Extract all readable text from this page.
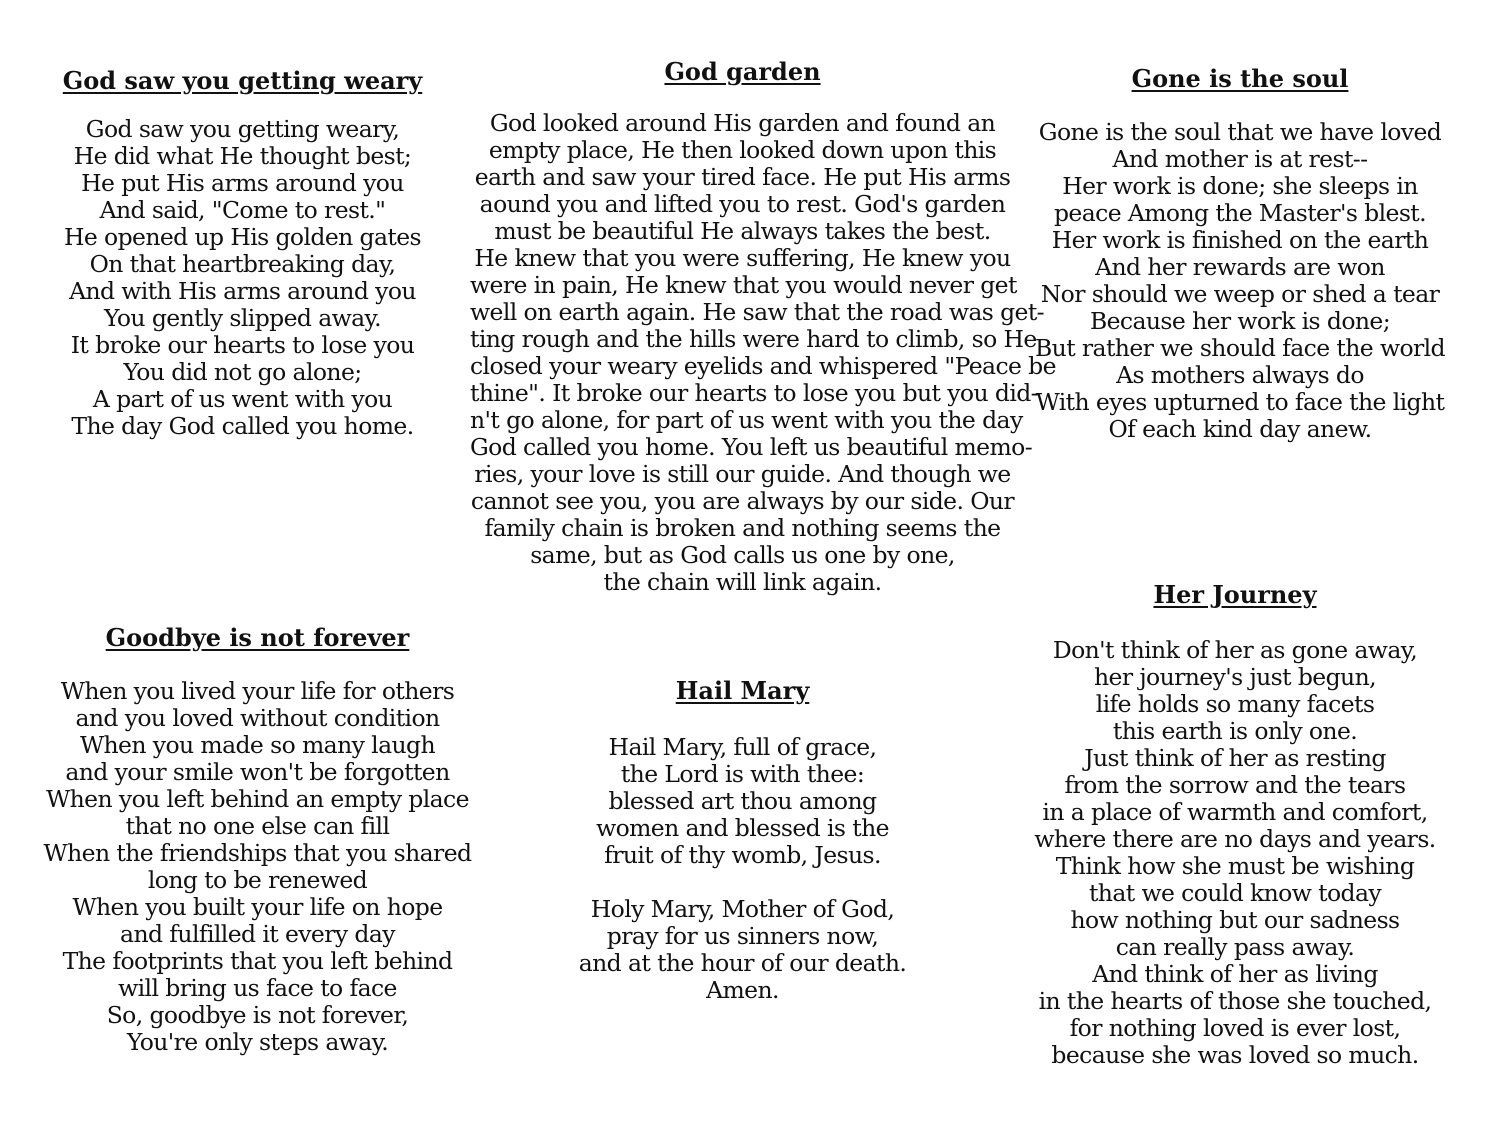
God saw you getting weary
God saw you getting weary,
He did what He thought best;
He put His arms around you
And said, "Come to rest."
He opened up His golden gates
On that heartbreaking day,
And with His arms around you
You gently slipped away.
It broke our hearts to lose you
You did not go alone;
A part of us went with you
The day God called you home.
God garden
God looked around His garden and found an
empty place, He then looked down upon this
earth and saw your tired face. He put His arms
aound you and lifted you to rest. God's garden
must be beautiful He always takes the best.
He knew that you were suffering, He knew you
were in pain, He knew that you would never get
well on earth again. He saw that the road was get-
ting rough and the hills were hard to climb, so He
closed your weary eyelids and whispered "Peace be
thine". It broke our hearts to lose you but you did-
n't go alone, for part of us went with you the day
God called you home. You left us beautiful memo-
ries, your love is still our guide. And though we
cannot see you, you are always by our side. Our
family chain is broken and nothing seems the
same, but as God calls us one by one,
the chain will link again.
Gone is the soul
Gone is the soul that we have loved
And mother is at rest--
Her work is done; she sleeps in
peace Among the Master's blest.
Her work is finished on the earth
And her rewards are won
Nor should we weep or shed a tear
Because her work is done;
But rather we should face the world
As mothers always do
With eyes upturned to face the light
Of each kind day anew.
Goodbye is not forever
When you lived your life for others
and you loved without condition
When you made so many laugh
and your smile won't be forgotten
When you left behind an empty place
that no one else can fill
When the friendships that you shared
long to be renewed
When you built your life on hope
and fulfilled it every day
The footprints that you left behind
will bring us face to face
So, goodbye is not forever,
You're only steps away.
Hail Mary
Hail Mary, full of grace,
the Lord is with thee:
blessed art thou among
women and blessed is the
fruit of thy womb, Jesus.
Holy Mary, Mother of God,
pray for us sinners now,
and at the hour of our death.
Amen.
Her Journey
Don't think of her as gone away,
her journey's just begun,
life holds so many facets
this earth is only one.
Just think of her as resting
from the sorrow and the tears
in a place of warmth and comfort,
where there are no days and years.
Think how she must be wishing
that we could know today
how nothing but our sadness
can really pass away.
And think of her as living
in the hearts of those she touched,
for nothing loved is ever lost,
because she was loved so much.
